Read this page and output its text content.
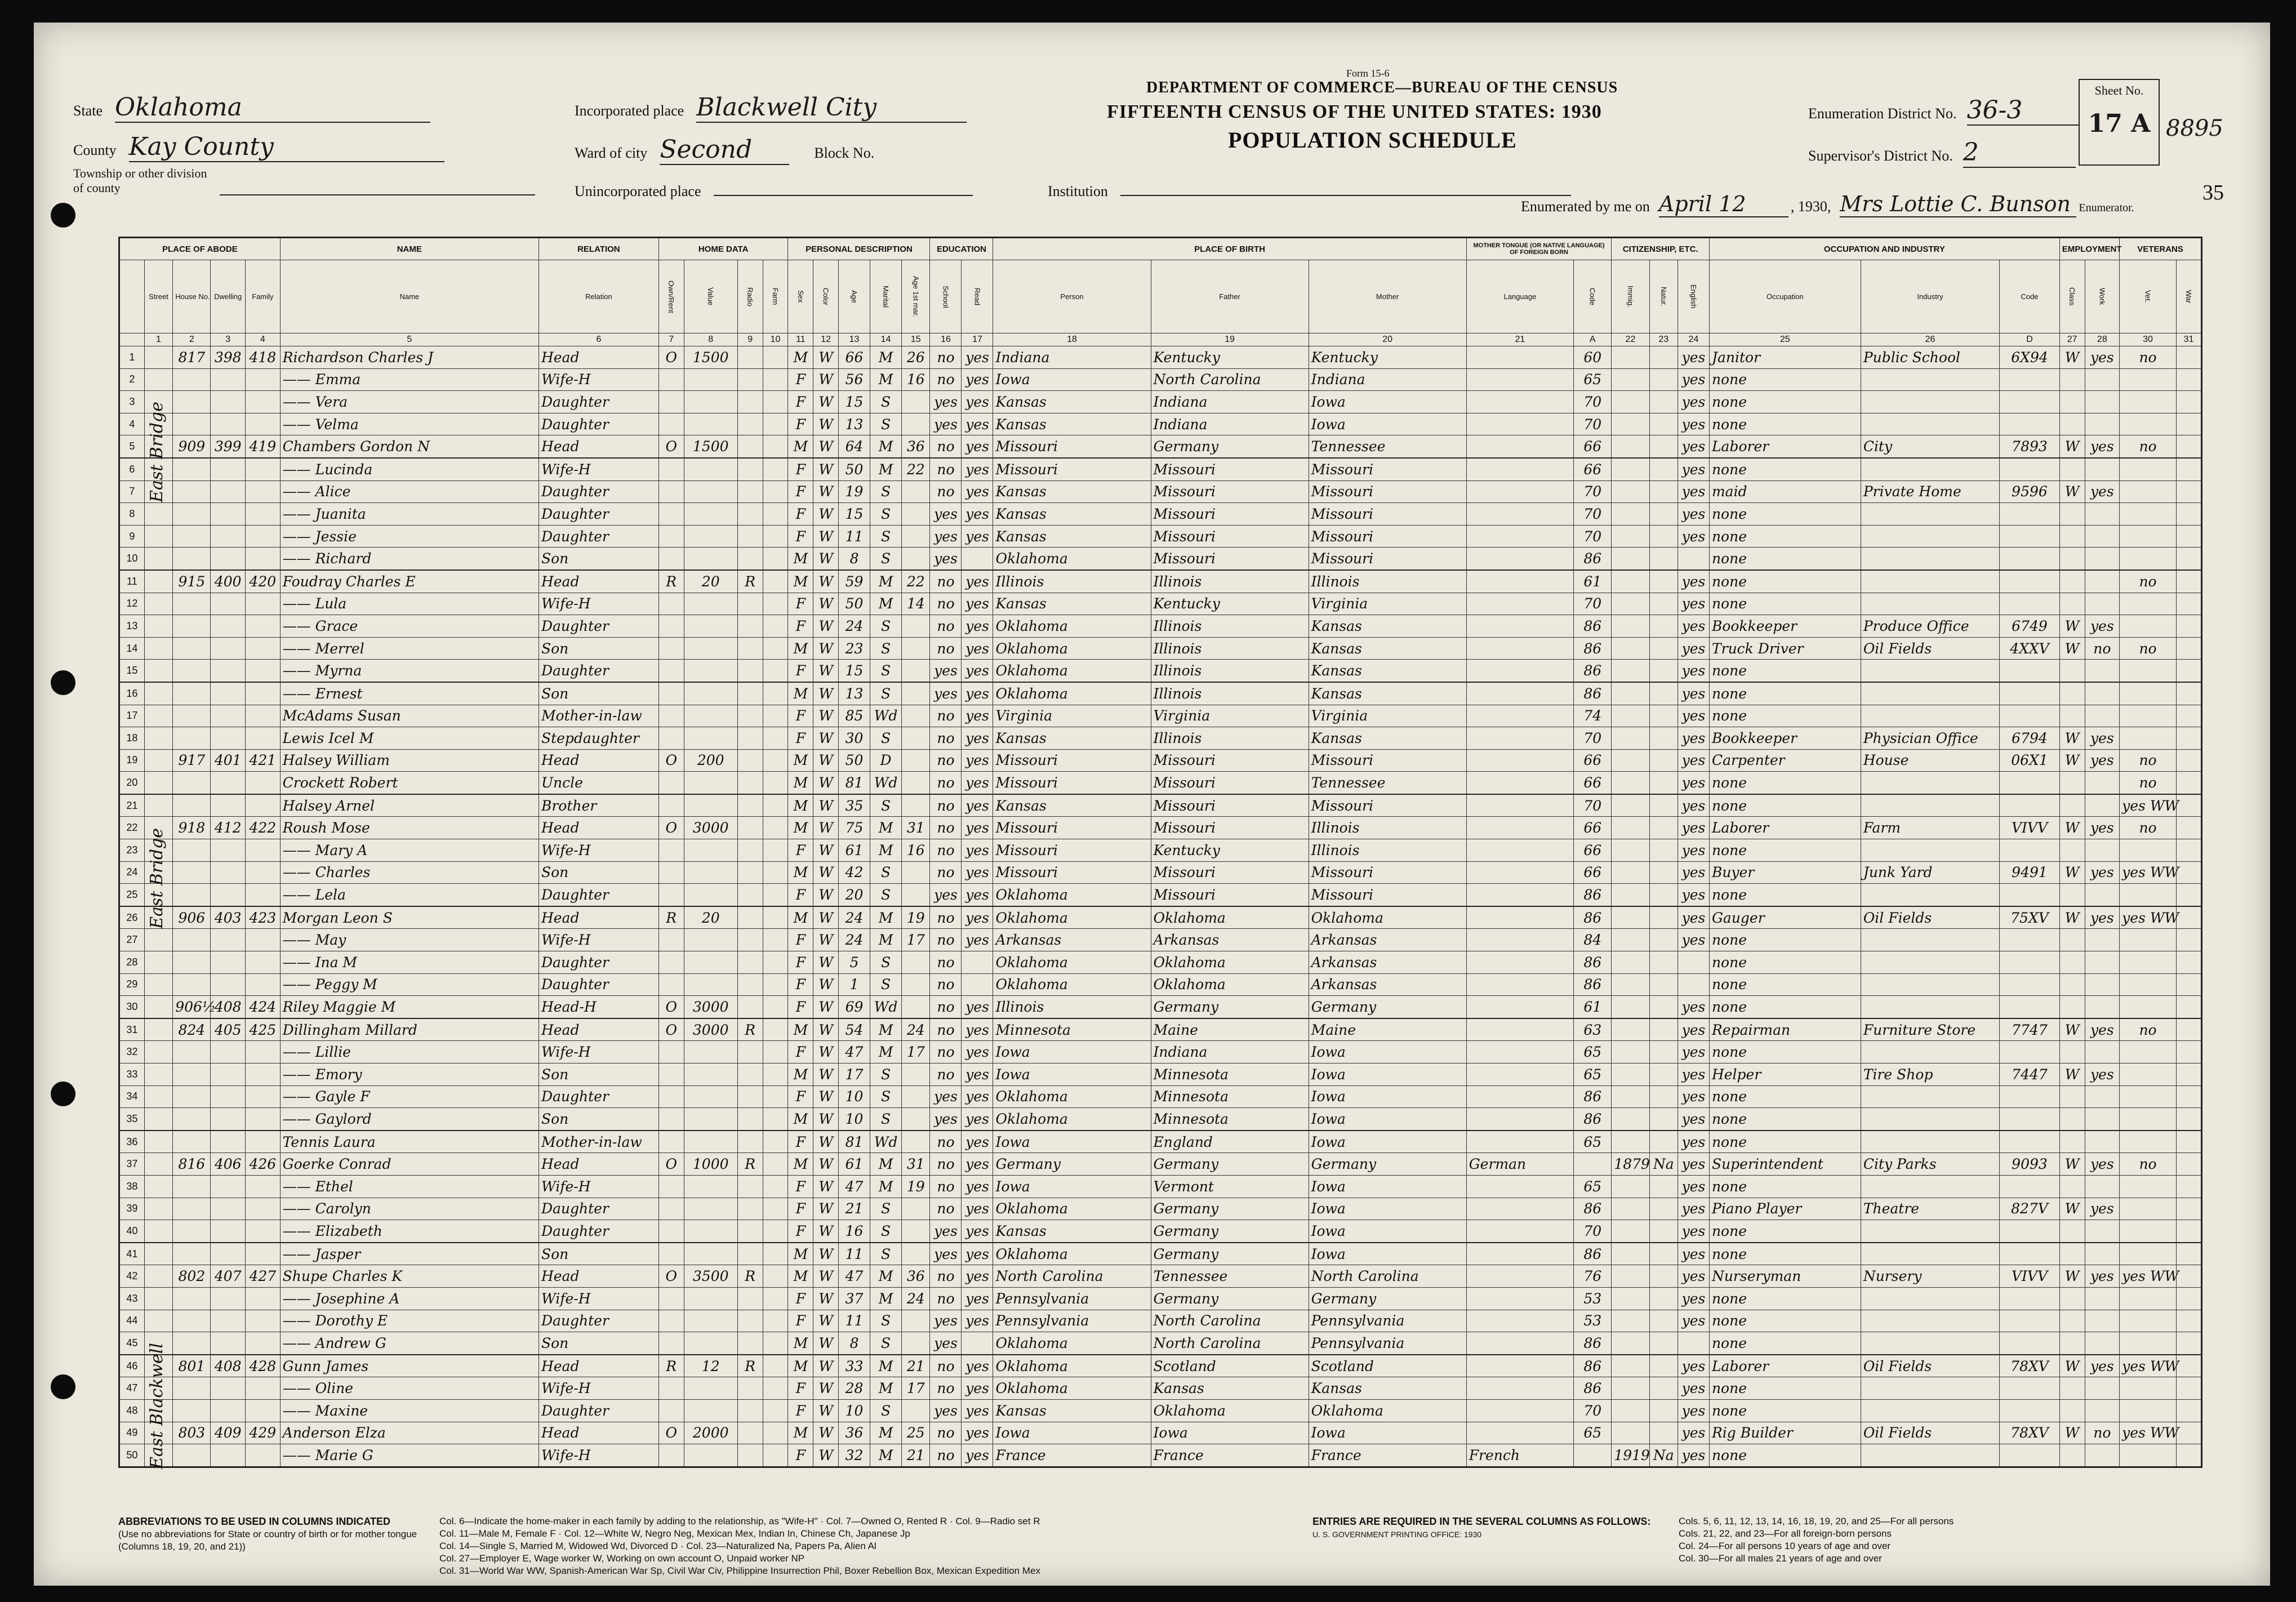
State Oklahoma
County Kay County
Township or other division of county
Incorporated place Blackwell City
Ward of city Second	Block No.
Unincorporated place	Institution
Form 15-6
DEPARTMENT OF COMMERCE—BUREAU OF THE CENSUS
FIFTEENTH CENSUS OF THE UNITED STATES: 1930
POPULATION SCHEDULE
Enumeration District No. 36-3
Supervisor's District No. 2
Sheet No.
17 A 8895
35
Enumerated by me on April 12	, 1930, Mrs Lottie C. Bunson Enumerator.
PLACE OF ABODE					NAME	RELATION	HOME DATA				PERSONAL DESCRIPTION					EDUCATION		PLACE OF BIRTH			MOTHER TONGUE (OR NATIVE LANGUAGE) OF FOREIGN BORN		CITIZENSHIP, ETC.			OCCUPATION AND INDUSTRY			EMPLOYMENT		VETERANS	
	Street	House No.	Dwelling	Family	Name	Relation	Own/Rent	Value	Radio	Farm	Sex	Color	Age	Marital	Age 1st mar.	School	Read	Person	Father	Mother	Language	Code	Immig.	Natur.	English	Occupation	Industry	Code	Class	Work	Vet.	War
	1	2	3	4	5	6	7	8	9	10	11	12	13	14	15	16	17	18	19	20	21	A	22	23	24	25	26	D	27	28	30	31
1		817	398	418	Richardson Charles J	Head	O	1500			M	W	66	M	26	no	yes	Indiana	Kentucky	Kentucky		60			yes	Janitor	Public School	6X94	W	yes	no	
2					—— Emma	Wife-H					F	W	56	M	16	no	yes	Iowa	North Carolina	Indiana		65			yes	none						
3	East Bridge				—— Vera	Daughter					F	W	15	S		yes	yes	Kansas	Indiana	Iowa		70			yes	none						
4					—— Velma	Daughter					F	W	13	S		yes	yes	Kansas	Indiana	Iowa		70			yes	none						
5		909	399	419	Chambers Gordon N	Head	O	1500			M	W	64	M	36	no	yes	Missouri	Germany	Tennessee		66			yes	Laborer	City	7893	W	yes	no	
6					—— Lucinda	Wife-H					F	W	50	M	22	no	yes	Missouri	Missouri	Missouri		66			yes	none						
7					—— Alice	Daughter					F	W	19	S		no	yes	Kansas	Missouri	Missouri		70			yes	maid	Private Home	9596	W	yes		
8					—— Juanita	Daughter					F	W	15	S		yes	yes	Kansas	Missouri	Missouri		70			yes	none						
9					—— Jessie	Daughter					F	W	11	S		yes	yes	Kansas	Missouri	Missouri		70			yes	none						
10					—— Richard	Son					M	W	8	S		yes		Oklahoma	Missouri	Missouri		86				none						
11		915	400	420	Foudray Charles E	Head	R	20	R		M	W	59	M	22	no	yes	Illinois	Illinois	Illinois		61			yes	none					no	
12					—— Lula	Wife-H					F	W	50	M	14	no	yes	Kansas	Kentucky	Virginia		70			yes	none						
13					—— Grace	Daughter					F	W	24	S		no	yes	Oklahoma	Illinois	Kansas		86			yes	Bookkeeper	Produce Office	6749	W	yes		
14					—— Merrel	Son					M	W	23	S		no	yes	Oklahoma	Illinois	Kansas		86			yes	Truck Driver	Oil Fields	4XXV	W	no	no	
15					—— Myrna	Daughter					F	W	15	S		yes	yes	Oklahoma	Illinois	Kansas		86			yes	none						
16					—— Ernest	Son					M	W	13	S		yes	yes	Oklahoma	Illinois	Kansas		86			yes	none						
17					McAdams Susan	Mother-in-law					F	W	85	Wd		no	yes	Virginia	Virginia	Virginia		74			yes	none						
18					Lewis Icel M	Stepdaughter					F	W	30	S		no	yes	Kansas	Illinois	Kansas		70			yes	Bookkeeper	Physician Office	6794	W	yes		
19		917	401	421	Halsey William	Head	O	200			M	W	50	D		no	yes	Missouri	Missouri	Missouri		66			yes	Carpenter	House	06X1	W	yes	no	
20					Crockett Robert	Uncle					M	W	81	Wd		no	yes	Missouri	Missouri	Tennessee		66			yes	none					no	
21					Halsey Arnel	Brother					M	W	35	S		no	yes	Kansas	Missouri	Missouri		70			yes	none					yes WW	
22	East Bridge	918	412	422	Roush Mose	Head	O	3000			M	W	75	M	31	no	yes	Missouri	Missouri	Illinois		66			yes	Laborer	Farm	VIVV	W	yes	no	
23					—— Mary A	Wife-H					F	W	61	M	16	no	yes	Missouri	Kentucky	Illinois		66			yes	none						
24					—— Charles	Son					M	W	42	S		no	yes	Missouri	Missouri	Missouri		66			yes	Buyer	Junk Yard	9491	W	yes	yes WW	
25					—— Lela	Daughter					F	W	20	S		yes	yes	Oklahoma	Missouri	Missouri		86			yes	none						
26		906	403	423	Morgan Leon S	Head	R	20			M	W	24	M	19	no	yes	Oklahoma	Oklahoma	Oklahoma		86			yes	Gauger	Oil Fields	75XV	W	yes	yes WW	
27					—— May	Wife-H					F	W	24	M	17	no	yes	Arkansas	Arkansas	Arkansas		84			yes	none						
28					—— Ina M	Daughter					F	W	5	S		no		Oklahoma	Oklahoma	Arkansas		86				none						
29					—— Peggy M	Daughter					F	W	1	S		no		Oklahoma	Oklahoma	Arkansas		86				none						
30		906½	408	424	Riley Maggie M	Head-H	O	3000			F	W	69	Wd		no	yes	Illinois	Germany	Germany		61			yes	none						
31		824	405	425	Dillingham Millard	Head	O	3000	R		M	W	54	M	24	no	yes	Minnesota	Maine	Maine		63			yes	Repairman	Furniture Store	7747	W	yes	no	
32					—— Lillie	Wife-H					F	W	47	M	17	no	yes	Iowa	Indiana	Iowa		65			yes	none						
33					—— Emory	Son					M	W	17	S		no	yes	Iowa	Minnesota	Iowa		65			yes	Helper	Tire Shop	7447	W	yes		
34					—— Gayle F	Daughter					F	W	10	S		yes	yes	Oklahoma	Minnesota	Iowa		86			yes	none						
35					—— Gaylord	Son					M	W	10	S		yes	yes	Oklahoma	Minnesota	Iowa		86			yes	none						
36					Tennis Laura	Mother-in-law					F	W	81	Wd		no	yes	Iowa	England	Iowa		65			yes	none						
37		816	406	426	Goerke Conrad	Head	O	1000	R		M	W	61	M	31	no	yes	Germany	Germany	Germany	German		1879	Na	yes	Superintendent	City Parks	9093	W	yes	no	
38					—— Ethel	Wife-H					F	W	47	M	19	no	yes	Iowa	Vermont	Iowa		65			yes	none						
39					—— Carolyn	Daughter					F	W	21	S		no	yes	Oklahoma	Germany	Iowa		86			yes	Piano Player	Theatre	827V	W	yes		
40					—— Elizabeth	Daughter					F	W	16	S		yes	yes	Kansas	Germany	Iowa		70			yes	none						
41					—— Jasper	Son					M	W	11	S		yes	yes	Oklahoma	Germany	Iowa		86			yes	none						
42		802	407	427	Shupe Charles K	Head	O	3500	R		M	W	47	M	36	no	yes	North Carolina	Tennessee	North Carolina		76			yes	Nurseryman	Nursery	VIVV	W	yes	yes WW	
43					—— Josephine A	Wife-H					F	W	37	M	24	no	yes	Pennsylvania	Germany	Germany		53			yes	none						
44					—— Dorothy E	Daughter					F	W	11	S		yes	yes	Pennsylvania	North Carolina	Pennsylvania		53			yes	none						
45	East Blackwell				—— Andrew G	Son					M	W	8	S		yes		Oklahoma	North Carolina	Pennsylvania		86				none						
46		801	408	428	Gunn James	Head	R	12	R		M	W	33	M	21	no	yes	Oklahoma	Scotland	Scotland		86			yes	Laborer	Oil Fields	78XV	W	yes	yes WW	
47					—— Oline	Wife-H					F	W	28	M	17	no	yes	Oklahoma	Kansas	Kansas		86			yes	none						
48					—— Maxine	Daughter					F	W	10	S		yes	yes	Kansas	Oklahoma	Oklahoma		70			yes	none						
49		803	409	429	Anderson Elza	Head	O	2000			M	W	36	M	25	no	yes	Iowa	Iowa	Iowa		65			yes	Rig Builder	Oil Fields	78XV	W	no	yes WW	
50					—— Marie G	Wife-H					F	W	32	M	21	no	yes	France	France	France	French		1919	Na	yes	none						
ABBREVIATIONS TO BE USED IN COLUMNS INDICATED
(Use no abbreviations for State or country of birth or for mother tongue (Columns 18, 19, 20, and 21))
Col. 6—Indicate the home-maker in each family by adding to the relationship, as "Wife-H" · Col. 7—Owned O, Rented R · Col. 9—Radio set R
Col. 11—Male M, Female F · Col. 12—White W, Negro Neg, Mexican Mex, Indian In, Chinese Ch, Japanese Jp
Col. 14—Single S, Married M, Widowed Wd, Divorced D · Col. 23—Naturalized Na, Papers Pa, Alien Al
Col. 27—Employer E, Wage worker W, Working on own account O, Unpaid worker NP
Col. 31—World War WW, Spanish-American War Sp, Civil War Civ, Philippine Insurrection Phil, Boxer Rebellion Box, Mexican Expedition Mex
ENTRIES ARE REQUIRED IN THE SEVERAL COLUMNS AS FOLLOWS:
U. S. GOVERNMENT PRINTING OFFICE: 1930
Cols. 5, 6, 11, 12, 13, 14, 16, 18, 19, 20, and 25—For all persons
Cols. 21, 22, and 23—For all foreign-born persons
Col. 24—For all persons 10 years of age and over
Col. 30—For all males 21 years of age and over
